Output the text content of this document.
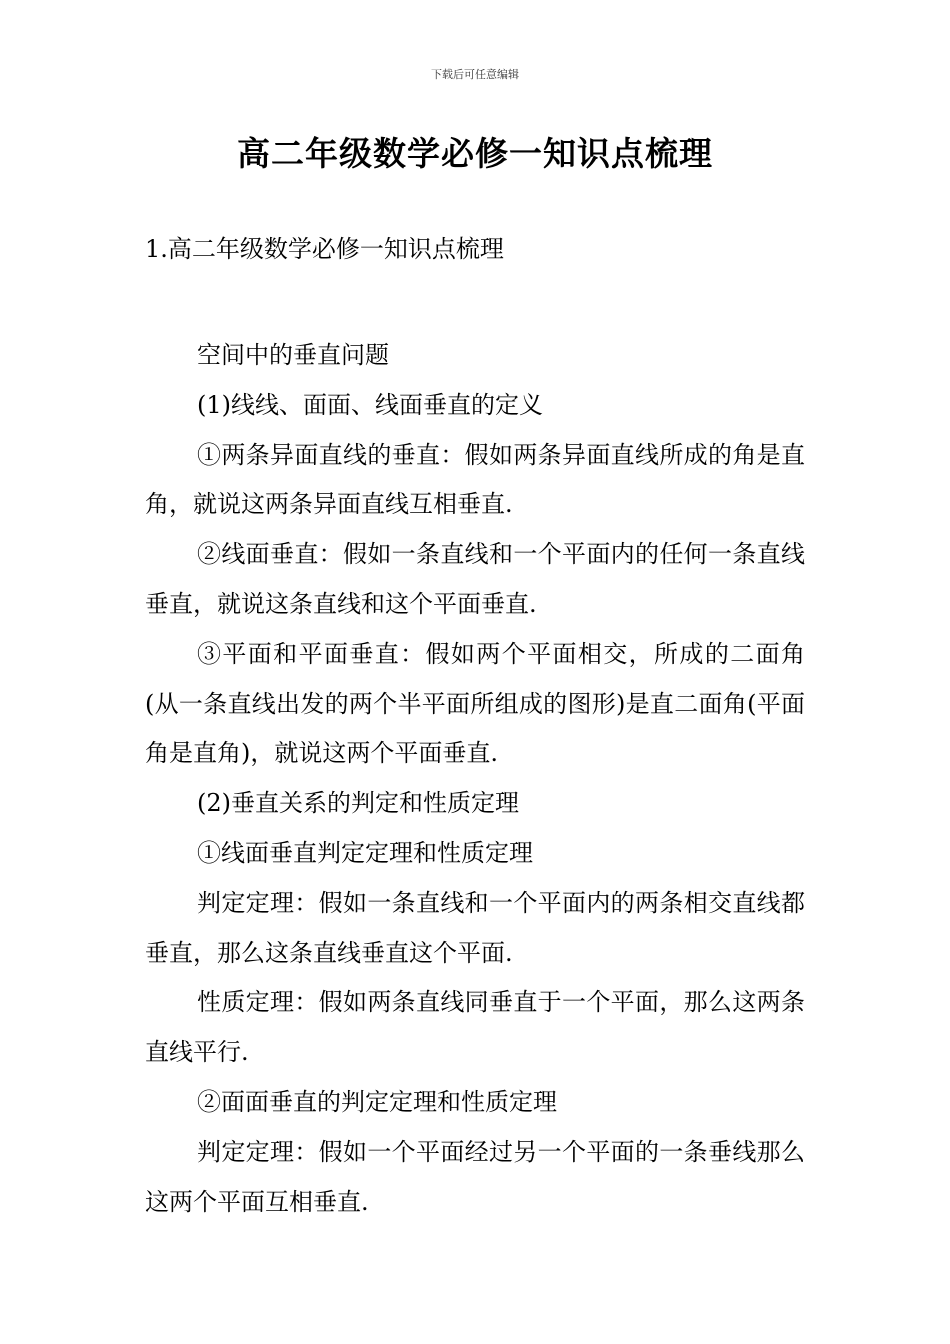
下载后可任意编辑
高二年级数学必修一知识点梳理
1.高二年级数学必修一知识点梳理

空间中的垂直问题

(1)线线、面面、线面垂直的定义

①两条异面直线的垂直：假如两条异面直线所成的角是直角，就说这两条异面直线互相垂直.

②线面垂直：假如一条直线和一个平面内的任何一条直线垂直，就说这条直线和这个平面垂直.

③平面和平面垂直：假如两个平面相交，所成的二面角(从一条直线出发的两个半平面所组成的图形)是直二面角(平面角是直角)，就说这两个平面垂直.

(2)垂直关系的判定和性质定理

①线面垂直判定定理和性质定理

判定定理：假如一条直线和一个平面内的两条相交直线都垂直，那么这条直线垂直这个平面.

性质定理：假如两条直线同垂直于一个平面，那么这两条直线平行.

②面面垂直的判定定理和性质定理

判定定理：假如一个平面经过另一个平面的一条垂线那么这两个平面互相垂直.
